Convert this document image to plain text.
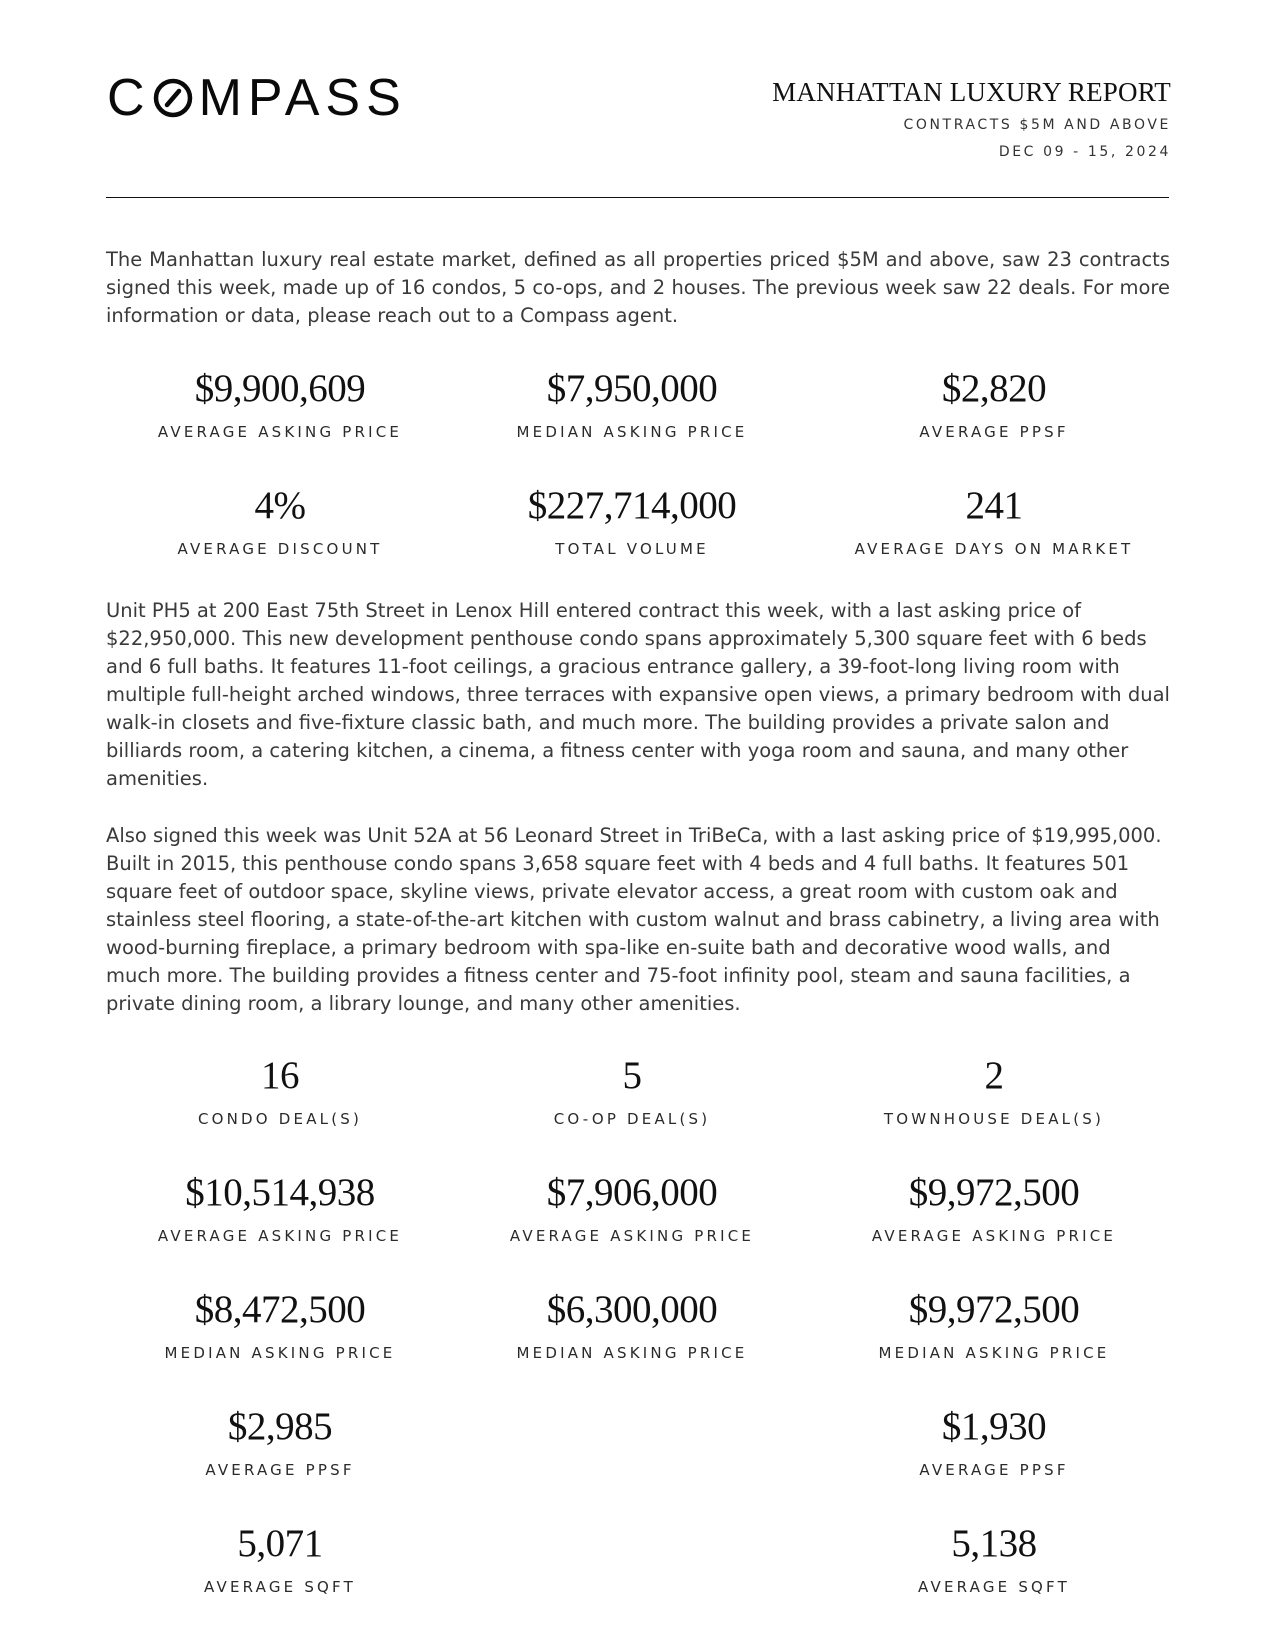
C MPASS	MANHATTAN LUXURY REPORT
CONTRACTS $5M AND ABOVE
DEC 09 - 15, 2024

The Manhattan luxury real estate market, defined as all properties priced $5M and above, saw 23 contracts signed this week, made up of 16 condos, 5 co-ops, and 2 houses. The previous week saw 22 deals. For more information or data, please reach out to a Compass agent.

$9,900,609
AVERAGE ASKING PRICE
$7,950,000
MEDIAN ASKING PRICE
$2,820
AVERAGE PPSF
4%
AVERAGE DISCOUNT
$227,714,000
TOTAL VOLUME
241
AVERAGE DAYS ON MARKET

Unit PH5 at 200 East 75th Street in Lenox Hill entered contract this week, with a last asking price of $22,950,000. This new development penthouse condo spans approximately 5,300 square feet with 6 beds and 6 full baths. It features 11-foot ceilings, a gracious entrance gallery, a 39-foot-long living room with multiple full-height arched windows, three terraces with expansive open views, a primary bedroom with dual walk-in closets and five-fixture classic bath, and much more. The building provides a private salon and billiards room, a catering kitchen, a cinema, a fitness center with yoga room and sauna, and many other amenities.

Also signed this week was Unit 52A at 56 Leonard Street in TriBeCa, with a last asking price of $19,995,000. Built in 2015, this penthouse condo spans 3,658 square feet with 4 beds and 4 full baths. It features 501 square feet of outdoor space, skyline views, private elevator access, a great room with custom oak and stainless steel flooring, a state-of-the-art kitchen with custom walnut and brass cabinetry, a living area with wood-burning fireplace, a primary bedroom with spa-like en-suite bath and decorative wood walls, and much more. The building provides a fitness center and 75-foot infinity pool, steam and sauna facilities, a private dining room, a library lounge, and many other amenities.

16
CONDO DEAL(S)
5
CO-OP DEAL(S)
2
TOWNHOUSE DEAL(S)
$10,514,938
AVERAGE ASKING PRICE
$7,906,000
AVERAGE ASKING PRICE
$9,972,500
AVERAGE ASKING PRICE
$8,472,500
MEDIAN ASKING PRICE
$6,300,000
MEDIAN ASKING PRICE
$9,972,500
MEDIAN ASKING PRICE
$2,985
AVERAGE PPSF
$1,930
AVERAGE PPSF
5,071
AVERAGE SQFT
5,138
AVERAGE SQFT
